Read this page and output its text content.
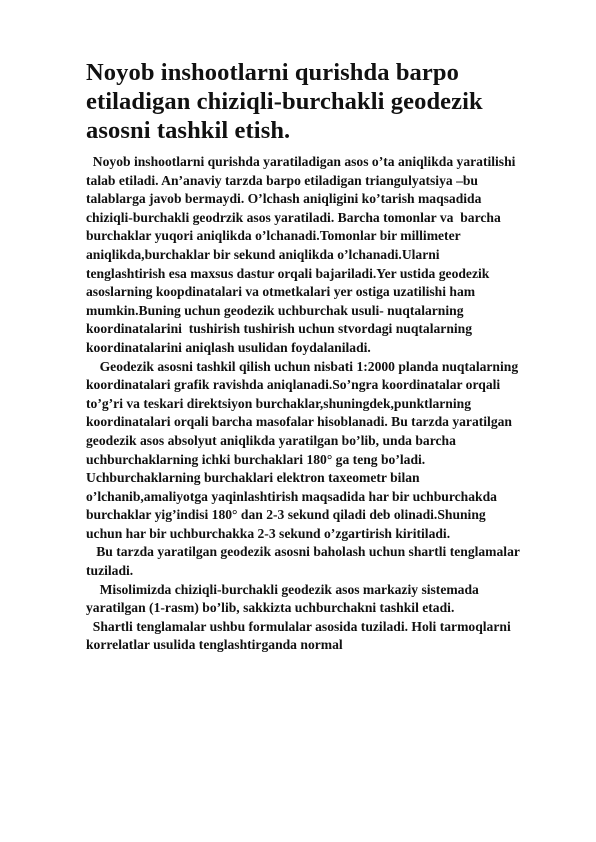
Noyob inshootlarni qurishda barpo etiladigan chiziqli-burchakli geodezik asosni tashkil etish.

Noyob inshootlarni qurishda yaratiladigan asos o’ta aniqlikda yaratilishi talab etiladi. An’anaviy tarzda barpo etiladigan triangulyatsiya –bu talablarga javob bermaydi. O’lchash aniqligini ko’tarish maqsadida chiziqli-burchakli geodrzik asos yaratiladi. Barcha tomonlar va  barcha burchaklar yuqori aniqlikda o’lchanadi.Tomonlar bir millimeter aniqlikda,burchaklar bir sekund aniqlikda o’lchanadi.Ularni tenglashtirish esa maxsus dastur orqali bajariladi.Yer ustida geodezik asoslarning koopdinatalari va otmetkalari yer ostiga uzatilishi ham mumkin.Buning uchun geodezik uchburchak usuli- nuqtalarning koordinatalarini  tushirish tushirish uchun stvordagi nuqtalarning koordinatalarini aniqlash usulidan foydalaniladi.

Geodezik asosni tashkil qilish uchun nisbati 1:2000 planda nuqtalarning koordinatalari grafik ravishda aniqlanadi.So’ngra koordinatalar orqali to’g’ri va teskari direktsiyon burchaklar,shuningdek,punktlarning koordinatalari orqali barcha masofalar hisoblanadi. Bu tarzda yaratilgan geodezik asos absolyut aniqlikda yaratilgan bo’lib, unda barcha uchburchaklarning ichki burchaklari 180° ga teng bo’ladi. Uchburchaklarning burchaklari elektron taxeometr bilan o’lchanib,amaliyotga yaqinlashtirish maqsadida har bir uchburchakda burchaklar yig’indisi 180° dan 2-3 sekund qiladi deb olinadi.Shuning uchun har bir uchburchakka 2-3 sekund o’zgartirish kiritiladi.

Bu tarzda yaratilgan geodezik asosni baholash uchun shartli tenglamalar tuziladi.

Misolimizda chiziqli-burchakli geodezik asos markaziy sistemada yaratilgan (1-rasm) bo’lib, sakkizta uchburchakni tashkil etadi.

Shartli tenglamalar ushbu formulalar asosida tuziladi. Holi tarmoqlarni korrelatlar usulida tenglashtirganda normal
